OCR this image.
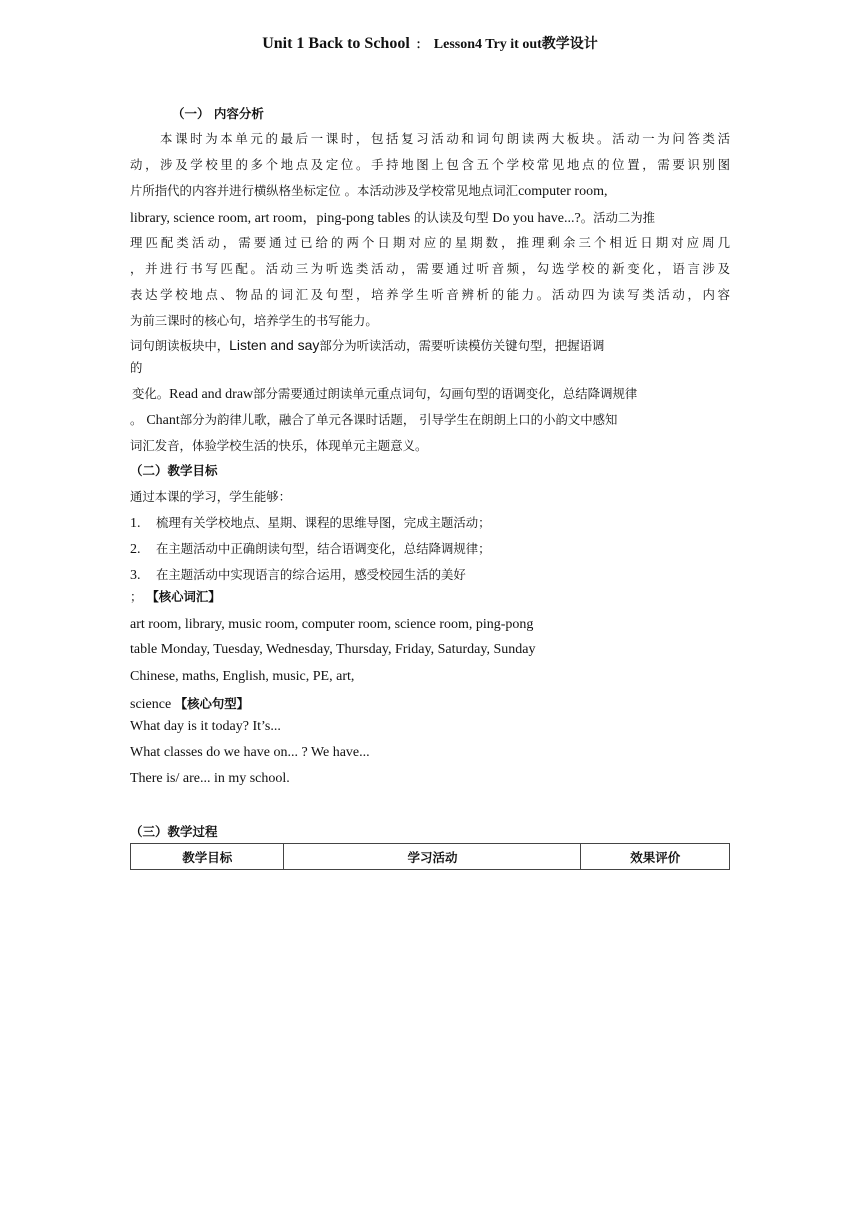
Unit 1 Back to School ： Lesson4 Try it out教学设计
（一） 内容分析
本课时为本单元的最后一课时，包括复习活动和词句朗读两大板块。活动一为问答类活
动，涉及学校里的多个地点及定位。手持地图上包含五个学校常见地点的位置，需要识别图
片所指代的内容并进行横纵格坐标定位 。本活动涉及学校常见地点词汇computer room,
library, science room, art room，ping-pong tables 的认读及句型 Do you have...?。活动二为推
理匹配类活动，需要通过已给的两个日期对应的星期数，推理剩余三个相近日期对应周几
，并进行书写匹配。活动三为听选类活动，需要通过听音频，勾选学校的新变化，语言涉及
表达学校地点、物品的词汇及句型，培养学生听音辨析的能力。活动四为读写类活动，内容
为前三课时的核心句，培养学生的书写能力。
词句朗读板块中，Listen and say部分为听读活动，需要听读模仿关键句型，把握语调
的
变化。Read and draw部分需要通过朗读单元重点词句，勾画句型的语调变化，总结降调规律
。 Chant部分为韵律儿歌，融合了单元各课时话题， 引导学生在朗朗上口的小韵文中感知
词汇发音，体验学校生活的快乐，体现单元主题意义。
（二）教学目标
通过本课的学习，学生能够：
1. 梳理有关学校地点、星期、课程的思维导图，完成主题活动；
2. 在主题活动中正确朗读句型，结合语调变化，总结降调规律；
3. 在主题活动中实现语言的综合运用，感受校园生活的美好
； 【核心词汇】
art room, library, music room, computer room, science room, ping-pong
table Monday, Tuesday, Wednesday, Thursday, Friday, Saturday, Sunday
Chinese, maths, English, music, PE, art,
science 【核心句型】
What day is it today? It’s...
What classes do we have on... ? We have...
There is/ are... in my school.
（三）教学过程
教学目标	学习活动	效果评价
